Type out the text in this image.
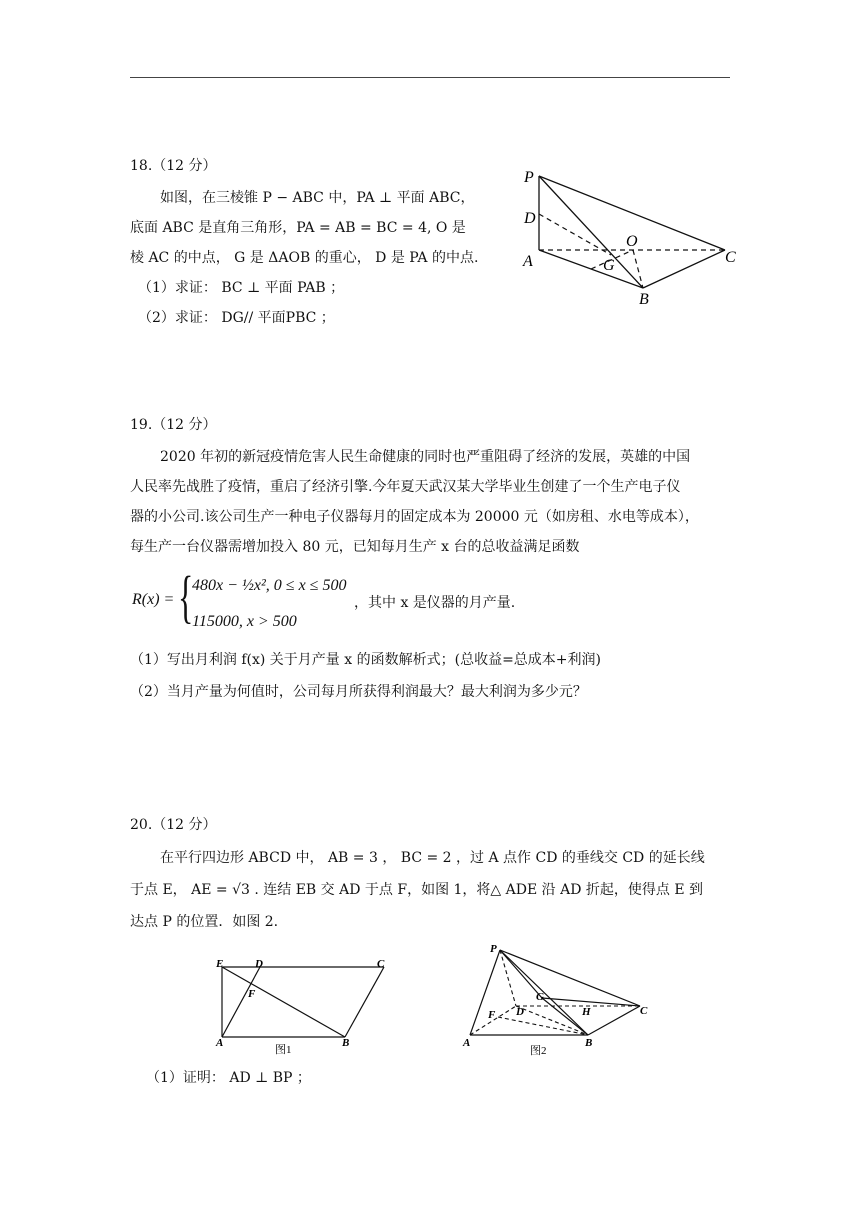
18.（12 分）
如图，在三棱锥 P − ABC 中，PA ⊥ 平面 ABC，
底面 ABC 是直角三角形，PA = AB = BC = 4, O 是
棱 AC 的中点， G 是 ΔAOB 的重心， D 是 PA 的中点.
（1）求证： BC ⊥ 平面 PAB ；
（2）求证： DG// 平面PBC ；
P
D
A
O
G	C
B
19.（12 分）
2020 年初的新冠疫情危害人民生命健康的同时也严重阻碍了经济的发展，英雄的中国
人民率先战胜了疫情，重启了经济引擎.今年夏天武汉某大学毕业生创建了一个生产电子仪
器的小公司.该公司生产一种电子仪器每月的固定成本为 20000 元（如房租、水电等成本），
每生产一台仪器需增加投入 80 元，已知每月生产 x 台的总收益满足函数
R(x) = {
480x − ½x², 0 ≤ x ≤ 500
115000, x > 500
，其中 x 是仪器的月产量.
（1）写出月利润 f(x) 关于月产量 x 的函数解析式；(总收益=总成本+利润)
（2）当月产量为何值时，公司每月所获得利润最大？最大利润为多少元？
20.（12 分）
在平行四边形 ABCD 中， AB = 3 ， BC = 2 ，过 A 点作 CD 的垂线交 CD 的延长线
于点 E， AE = √3 . 连结 EB 交 AD 于点 F，如图 1，将△ ADE 沿 AD 折起，使得点 E 到
达点 P 的位置．如图 2.
E	D	C
F
A	B
图1
P
G
H
F D	C
A	B
图2
（1）证明： AD ⊥ BP ；
